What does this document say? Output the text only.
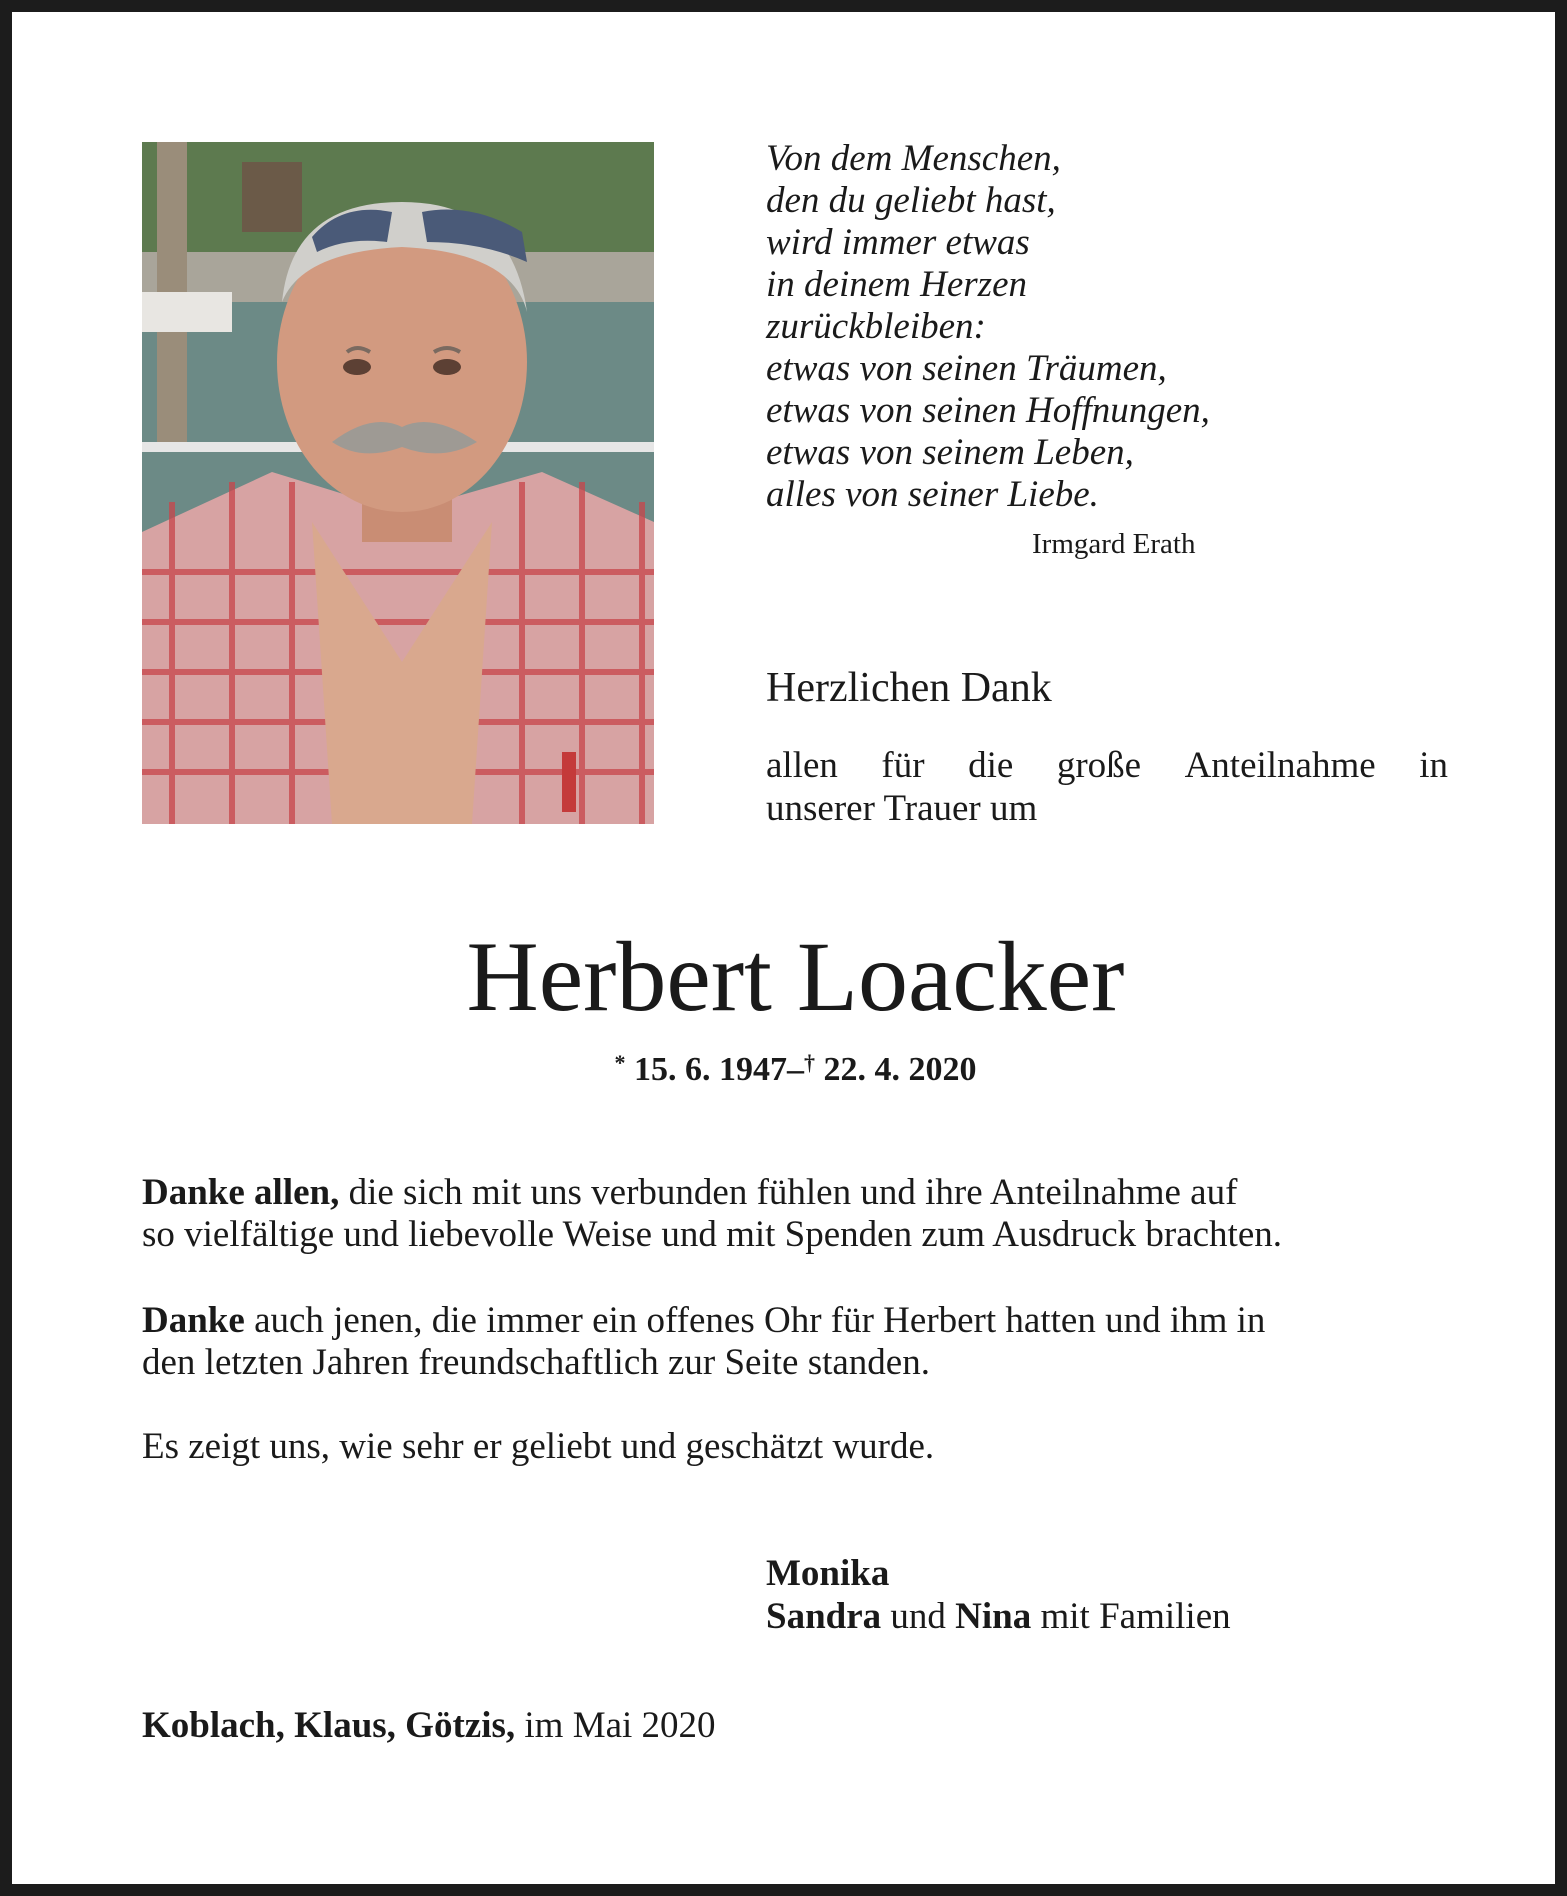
Von dem Menschen,
den du geliebt hast,
wird immer etwas
in deinem Herzen
zurückbleiben:
etwas von seinen Träumen,
etwas von seinen Hoffnungen,
etwas von seinem Leben,
alles von seiner Liebe.
Irmgard Erath
Herzlichen Dank
allen für die große Anteilnahme in
unserer Trauer um
Herbert Loacker
* 15. 6. 1947–† 22. 4. 2020
Danke allen, die sich mit uns verbunden fühlen und ihre Anteilnahme auf
so vielfältige und liebevolle Weise und mit Spenden zum Ausdruck brachten.
Danke auch jenen, die immer ein offenes Ohr für Herbert hatten und ihm in
den letzten Jahren freundschaftlich zur Seite standen.
Es zeigt uns, wie sehr er geliebt und geschätzt wurde.
Monika
Sandra und Nina mit Familien
Koblach, Klaus, Götzis, im Mai 2020
